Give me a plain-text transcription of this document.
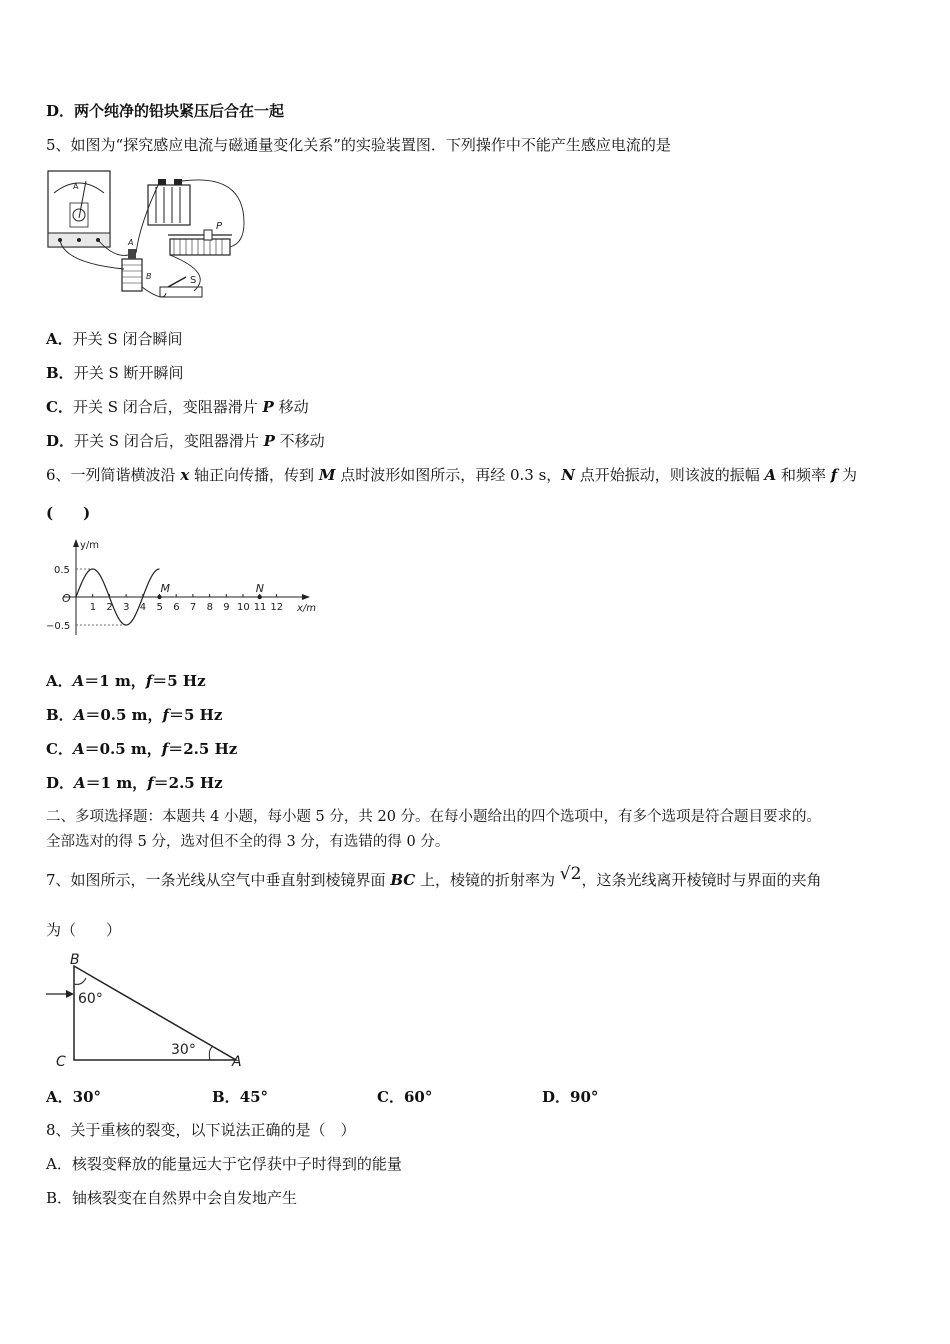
D．两个纯净的铅块紧压后合在一起
5、如图为“探究感应电流与磁通量变化关系”的实验装置图．下列操作中不能产生感应电流的是
A
P
A
B	S
A．开关 S 闭合瞬间
B．开关 S 断开瞬间
C．开关 S 闭合后，变阻器滑片 P 移动
D．开关 S 闭合后，变阻器滑片 P 不移动
6、一列简谐横波沿 x 轴正向传播，传到 M 点时波形如图所示，再经 0.3 s，N 点开始振动，则该波的振幅 A 和频率 f 为
(　　)
y/m
x/m
O
1 2 3 4 5 6 7 8 9 10 11 12
0.5
−0.5
M	N
A．A＝1 m，f＝5 Hz
B．A＝0.5 m，f＝5 Hz
C．A＝0.5 m，f＝2.5 Hz
D．A＝1 m，f＝2.5 Hz
二、多项选择题：本题共 4 小题，每小题 5 分，共 20 分。在每小题给出的四个选项中，有多个选项是符合题目要求的。
全部选对的得 5 分，选对但不全的得 3 分，有选错的得 0 分。
7、如图所示，一条光线从空气中垂直射到棱镜界面 BC 上，棱镜的折射率为 √2，这条光线离开棱镜时与界面的夹角
为（　　）
B
C	A
60°
30°
A．30°	B．45°	C．60°	D．90°
8、关于重核的裂变，以下说法正确的是（　）
A．核裂变释放的能量远大于它俘获中子时得到的能量
B．铀核裂变在自然界中会自发地产生
